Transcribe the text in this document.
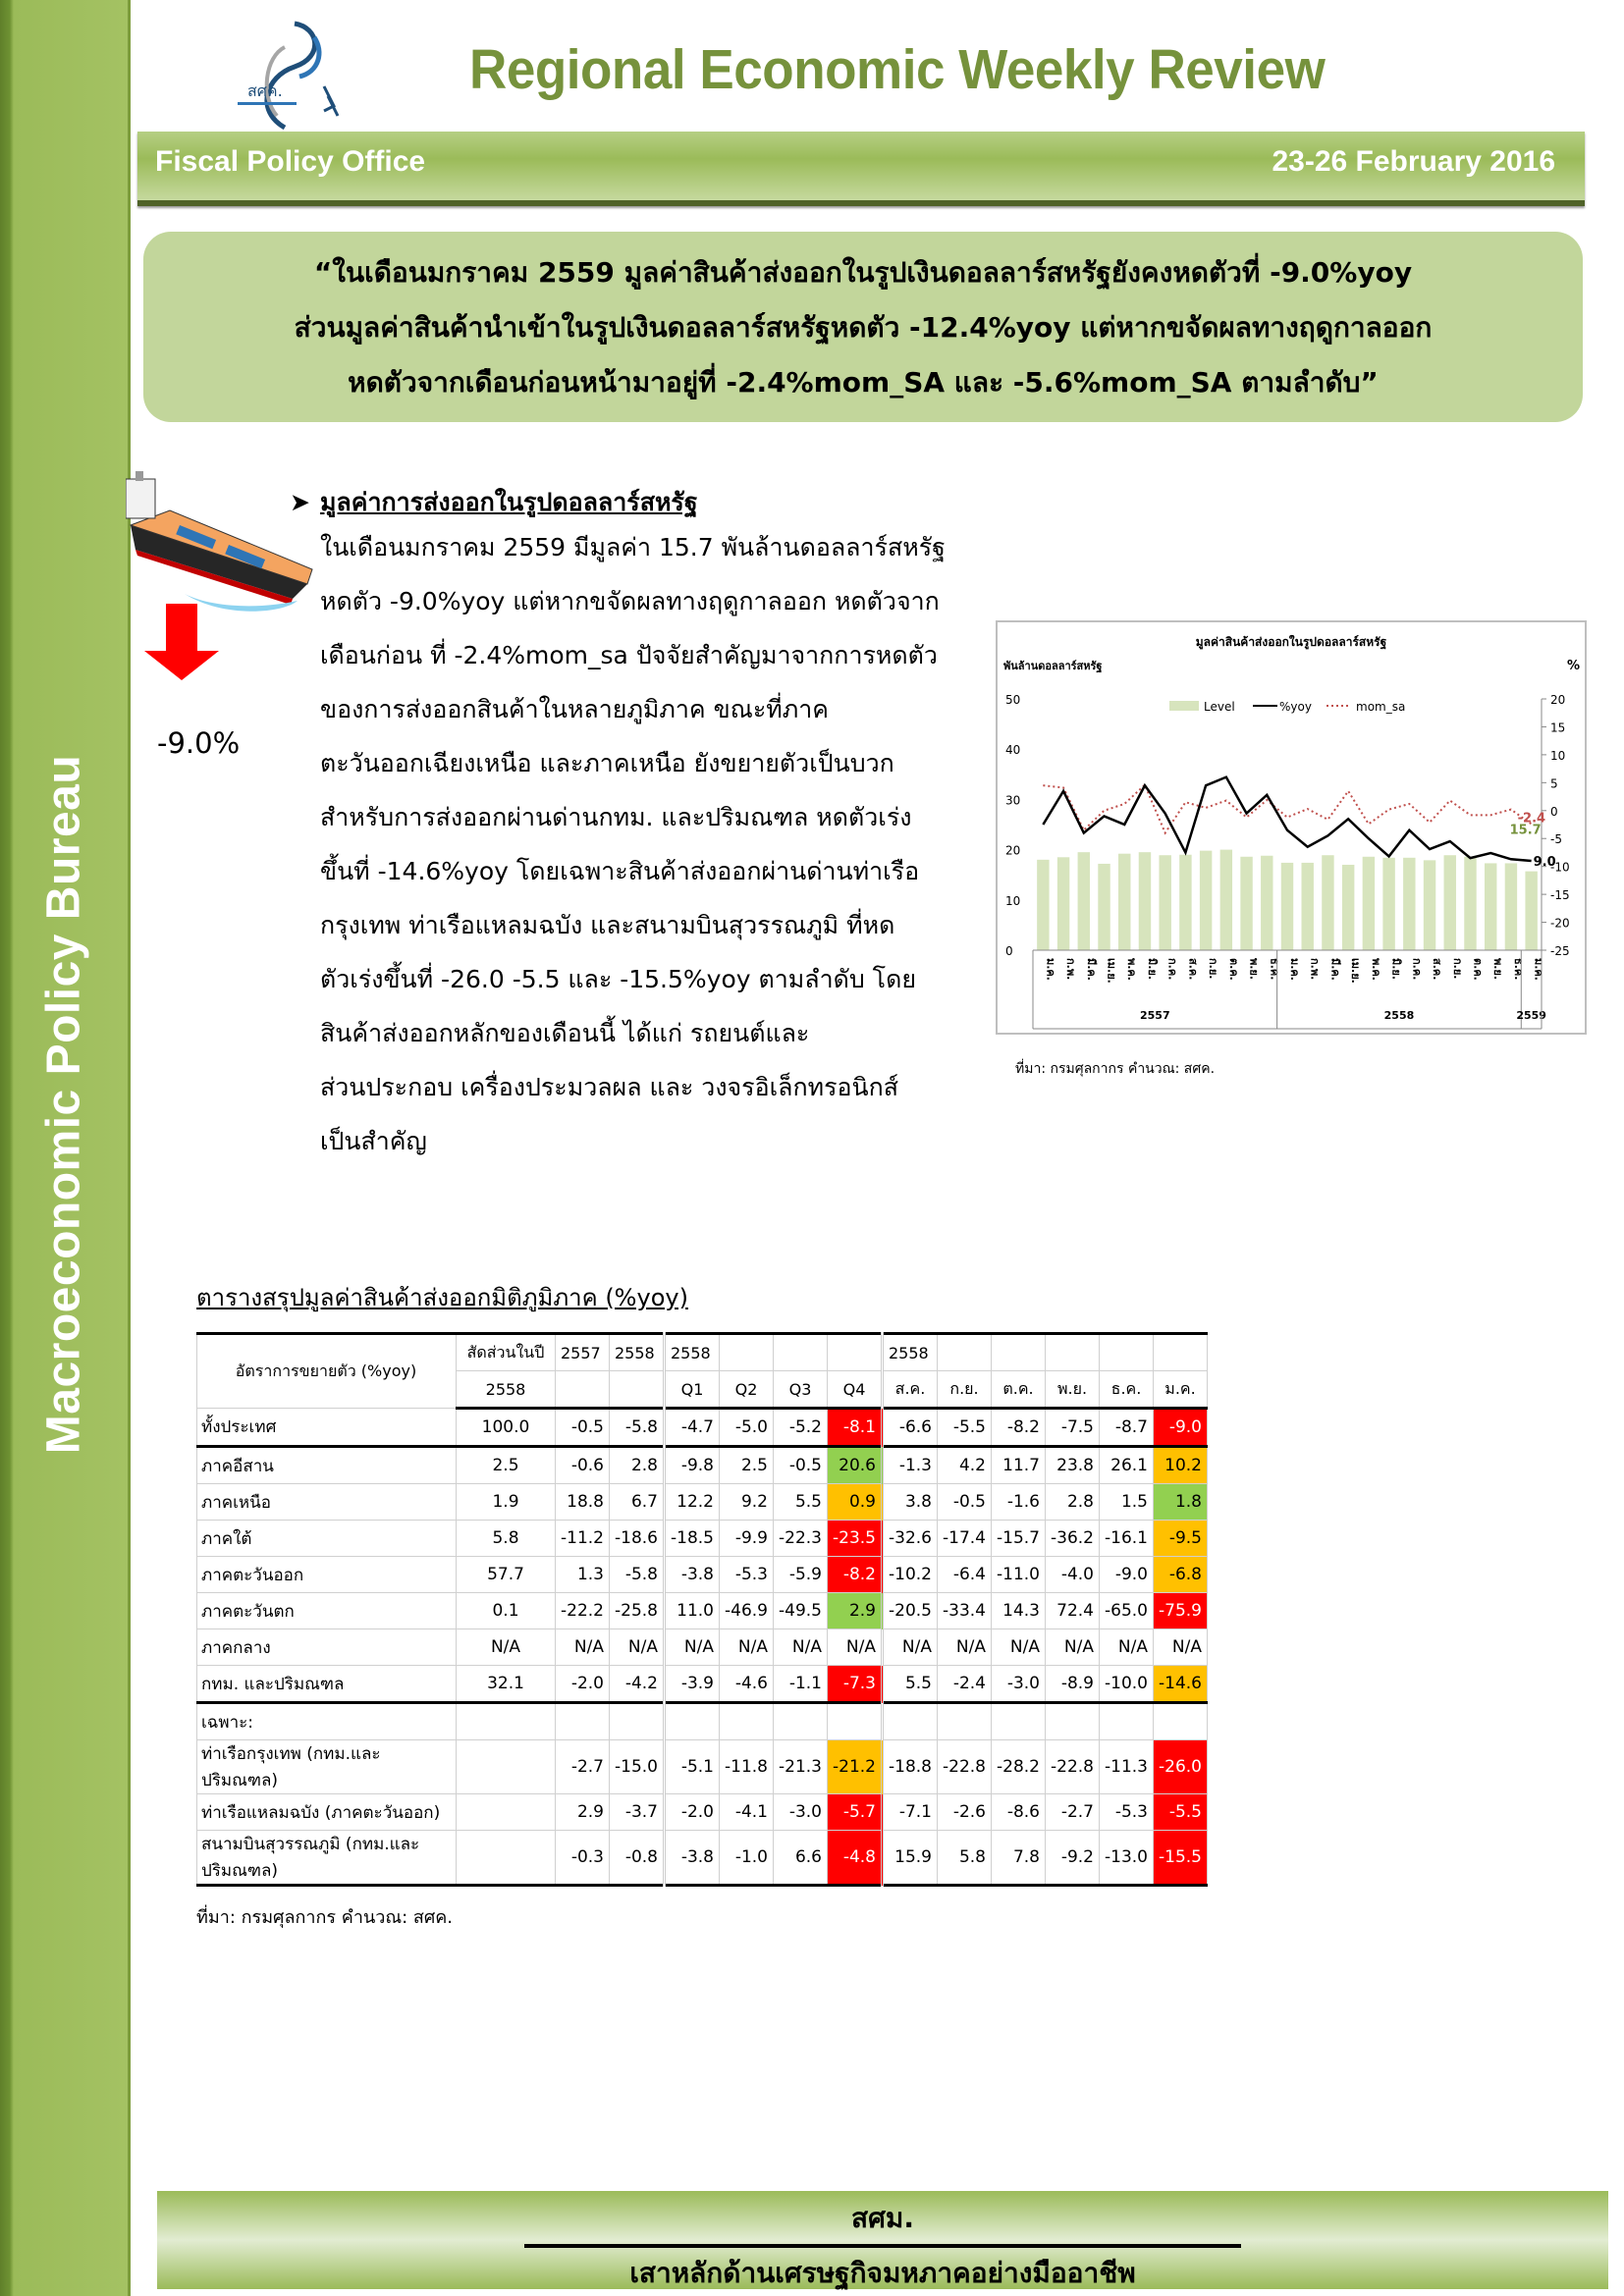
Macroeconomic Policy Bureau
สศค.	Regional Economic Weekly Review
Fiscal Policy Office	23-26 February 2016

“ในเดือนมกราคม 2559 มูลค่าสินค้าส่งออกในรูปเงินดอลลาร์สหรัฐยังคงหดตัวที่ -9.0%yoy

ส่วนมูลค่าสินค้านำเข้าในรูปเงินดอลลาร์สหรัฐหดตัว -12.4%yoy แต่หากขจัดผลทางฤดูกาลออก

หดตัวจากเดือนก่อนหน้ามาอยู่ที่ -2.4%mom_SA และ -5.6%mom_SA ตามลำดับ”

-9.0%
➤ มูลค่าการส่งออกในรูปดอลลาร์สหรัฐ
ในเดือนมกราคม 2559 มีมูลค่า 15.7 พันล้านดอลลาร์สหรัฐ
หดตัว -9.0%yoy แต่หากขจัดผลทางฤดูกาลออก หดตัวจาก
เดือนก่อน ที่ -2.4%mom_sa ปัจจัยสำคัญมาจากการหดตัว
ของการส่งออกสินค้าในหลายภูมิภาค ขณะที่ภาค
ตะวันออกเฉียงเหนือ และภาคเหนือ ยังขยายตัวเป็นบวก
สำหรับการส่งออกผ่านด่านกทม. และปริมณฑล หดตัวเร่ง
ขึ้นที่ -14.6%yoy โดยเฉพาะสินค้าส่งออกผ่านด่านท่าเรือ
กรุงเทพ ท่าเรือแหลมฉบัง และสนามบินสุวรรณภูมิ ที่หด
ตัวเร่งขึ้นที่ -26.0 -5.5 และ -15.5%yoy ตามลำดับ โดย
สินค้าส่งออกหลักของเดือนนี้ ได้แก่ รถยนต์และ
ส่วนประกอบ เครื่องประมวลผล และ วงจรอิเล็กทรอนิกส์
เป็นสำคัญ
มูลค่าสินค้าส่งออกในรูปดอลลาร์สหรัฐ
พันล้านดอลลาร์สหรัฐ	%
0
10
20
30
40
50	20
15
10
5
0
-5
-10
-15
-20
-25
Level	%yoy	mom_sa
15.7
-2.4
9.0
ม.ค. ก.พ. มี.ค. เม.ย. พ.ค. มิ.ย. ก.ค. ส.ค. ก.ย. ต.ค. พ.ย. ธ.ค. ม.ค. ก.พ. มี.ค. เม.ย. พ.ค. มิ.ย. ก.ค. ส.ค. ก.ย. ต.ค. พ.ย. ธ.ค. ม.ค.
2557	2558	2559
ที่มา: กรมศุลกากร คำนวณ: สศค.
ตารางสรุปมูลค่าสินค้าส่งออกมิติภูมิภาค (%yoy)
อัตราการขยายตัว (%yoy)	สัดส่วนในปี	2557	2558	2558				2558					
	2558			Q1	Q2	Q3	Q4	ส.ค.	ก.ย.	ต.ค.	พ.ย.	ธ.ค.	ม.ค.
ทั้งประเทศ	100.0	-0.5	-5.8	-4.7	-5.0	-5.2	-8.1	-6.6	-5.5	-8.2	-7.5	-8.7	-9.0
ภาคอีสาน	2.5	-0.6	2.8	-9.8	2.5	-0.5	20.6	-1.3	4.2	11.7	23.8	26.1	10.2
ภาคเหนือ	1.9	18.8	6.7	12.2	9.2	5.5	0.9	3.8	-0.5	-1.6	2.8	1.5	1.8
ภาคใต้	5.8	-11.2	-18.6	-18.5	-9.9	-22.3	-23.5	-32.6	-17.4	-15.7	-36.2	-16.1	-9.5
ภาคตะวันออก	57.7	1.3	-5.8	-3.8	-5.3	-5.9	-8.2	-10.2	-6.4	-11.0	-4.0	-9.0	-6.8
ภาคตะวันตก	0.1	-22.2	-25.8	11.0	-46.9	-49.5	2.9	-20.5	-33.4	14.3	72.4	-65.0	-75.9
ภาคกลาง	N/A	N/A	N/A	N/A	N/A	N/A	N/A	N/A	N/A	N/A	N/A	N/A	N/A
กทม. และปริมณฑล	32.1	-2.0	-4.2	-3.9	-4.6	-1.1	-7.3	5.5	-2.4	-3.0	-8.9	-10.0	-14.6
เฉพาะ:													
ท่าเรือกรุงเทพ (กทม.และปริมณฑล)		-2.7	-15.0	-5.1	-11.8	-21.3	-21.2	-18.8	-22.8	-28.2	-22.8	-11.3	-26.0
ท่าเรือแหลมฉบัง (ภาคตะวันออก)		2.9	-3.7	-2.0	-4.1	-3.0	-5.7	-7.1	-2.6	-8.6	-2.7	-5.3	-5.5
สนามบินสุวรรณภูมิ (กทม.และปริมณฑล)		-0.3	-0.8	-3.8	-1.0	6.6	-4.8	15.9	5.8	7.8	-9.2	-13.0	-15.5
ที่มา: กรมศุลกากร คำนวณ: สศค.
สศม.
เสาหลักด้านเศรษฐกิจมหภาคอย่างมืออาชีพ
